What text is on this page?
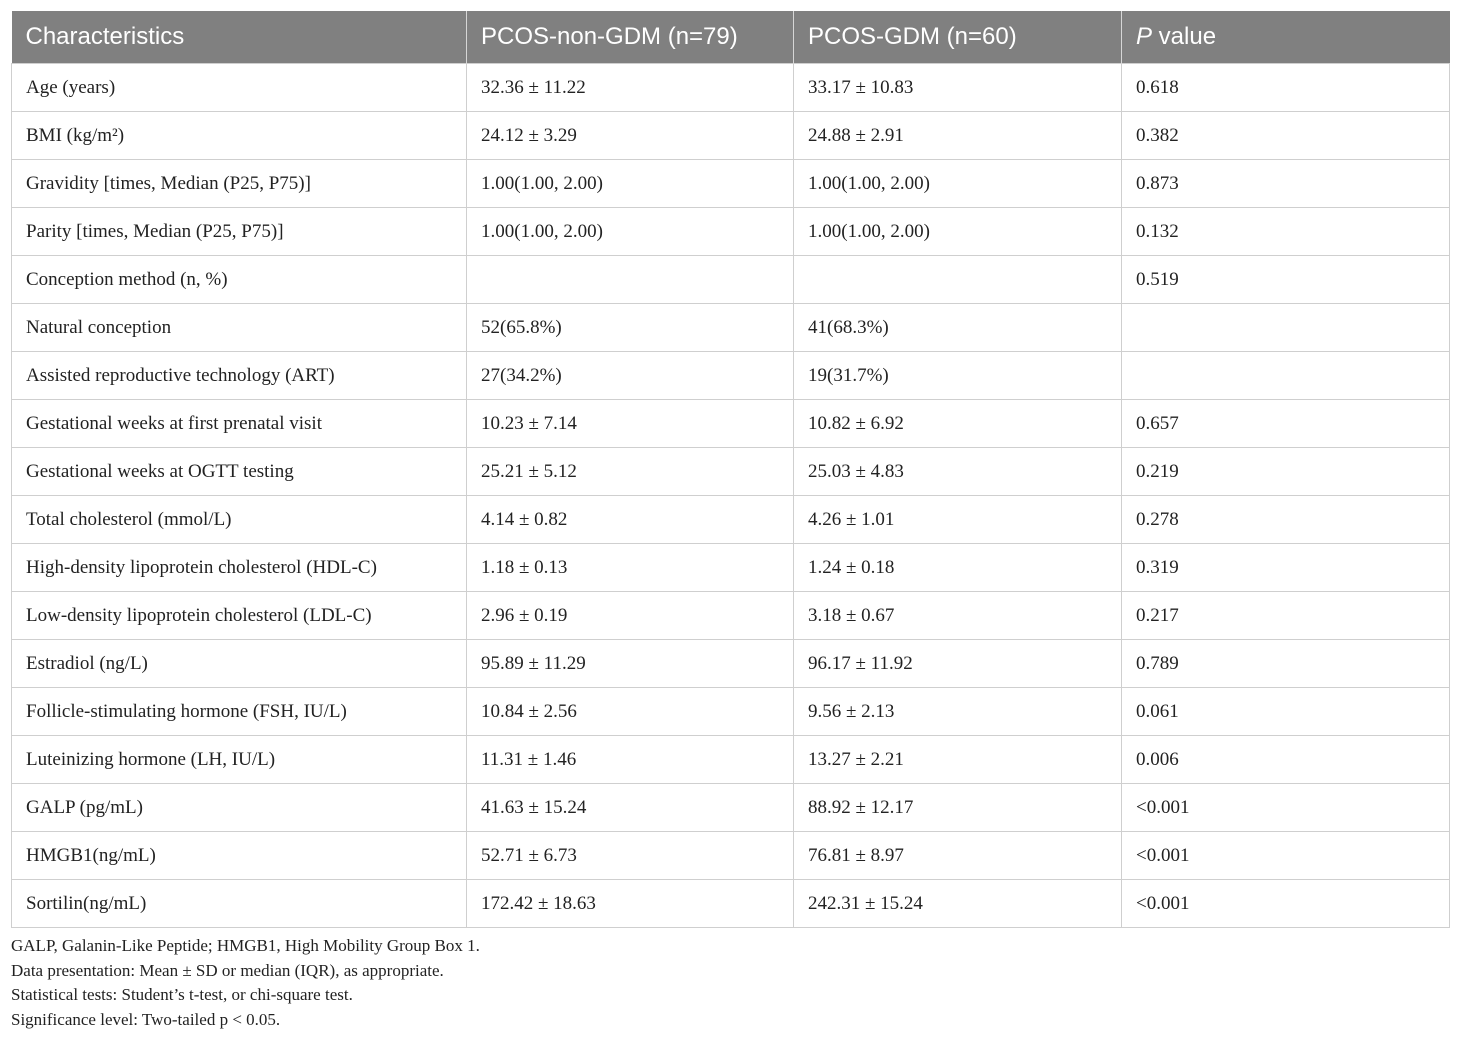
Characteristics	PCOS-non-GDM (n=79)	PCOS-GDM (n=60)	P value
Age (years)	32.36 ± 11.22	33.17 ± 10.83	0.618
BMI (kg/m²)	24.12 ± 3.29	24.88 ± 2.91	0.382
Gravidity [times, Median (P25, P75)]	1.00(1.00, 2.00)	1.00(1.00, 2.00)	0.873
Parity [times, Median (P25, P75)]	1.00(1.00, 2.00)	1.00(1.00, 2.00)	0.132
Conception method (n, %)			0.519
Natural conception	52(65.8%)	41(68.3%)	
Assisted reproductive technology (ART)	27(34.2%)	19(31.7%)	
Gestational weeks at first prenatal visit	10.23 ± 7.14	10.82 ± 6.92	0.657
Gestational weeks at OGTT testing	25.21 ± 5.12	25.03 ± 4.83	0.219
Total cholesterol (mmol/L)	4.14 ± 0.82	4.26 ± 1.01	0.278
High-density lipoprotein cholesterol (HDL-C)	1.18 ± 0.13	1.24 ± 0.18	0.319
Low-density lipoprotein cholesterol (LDL-C)	2.96 ± 0.19	3.18 ± 0.67	0.217
Estradiol (ng/L)	95.89 ± 11.29	96.17 ± 11.92	0.789
Follicle-stimulating hormone (FSH, IU/L)	10.84 ± 2.56	9.56 ± 2.13	0.061
Luteinizing hormone (LH, IU/L)	11.31 ± 1.46	13.27 ± 2.21	0.006
GALP (pg/mL)	41.63 ± 15.24	88.92 ± 12.17	<0.001
HMGB1(ng/mL)	52.71 ± 6.73	76.81 ± 8.97	<0.001
Sortilin(ng/mL)	172.42 ± 18.63	242.31 ± 15.24	<0.001
GALP, Galanin-Like Peptide; HMGB1, High Mobility Group Box 1.
Data presentation: Mean ± SD or median (IQR), as appropriate.
Statistical tests: Student’s t-test, or chi-square test.
Significance level: Two-tailed p < 0.05.
